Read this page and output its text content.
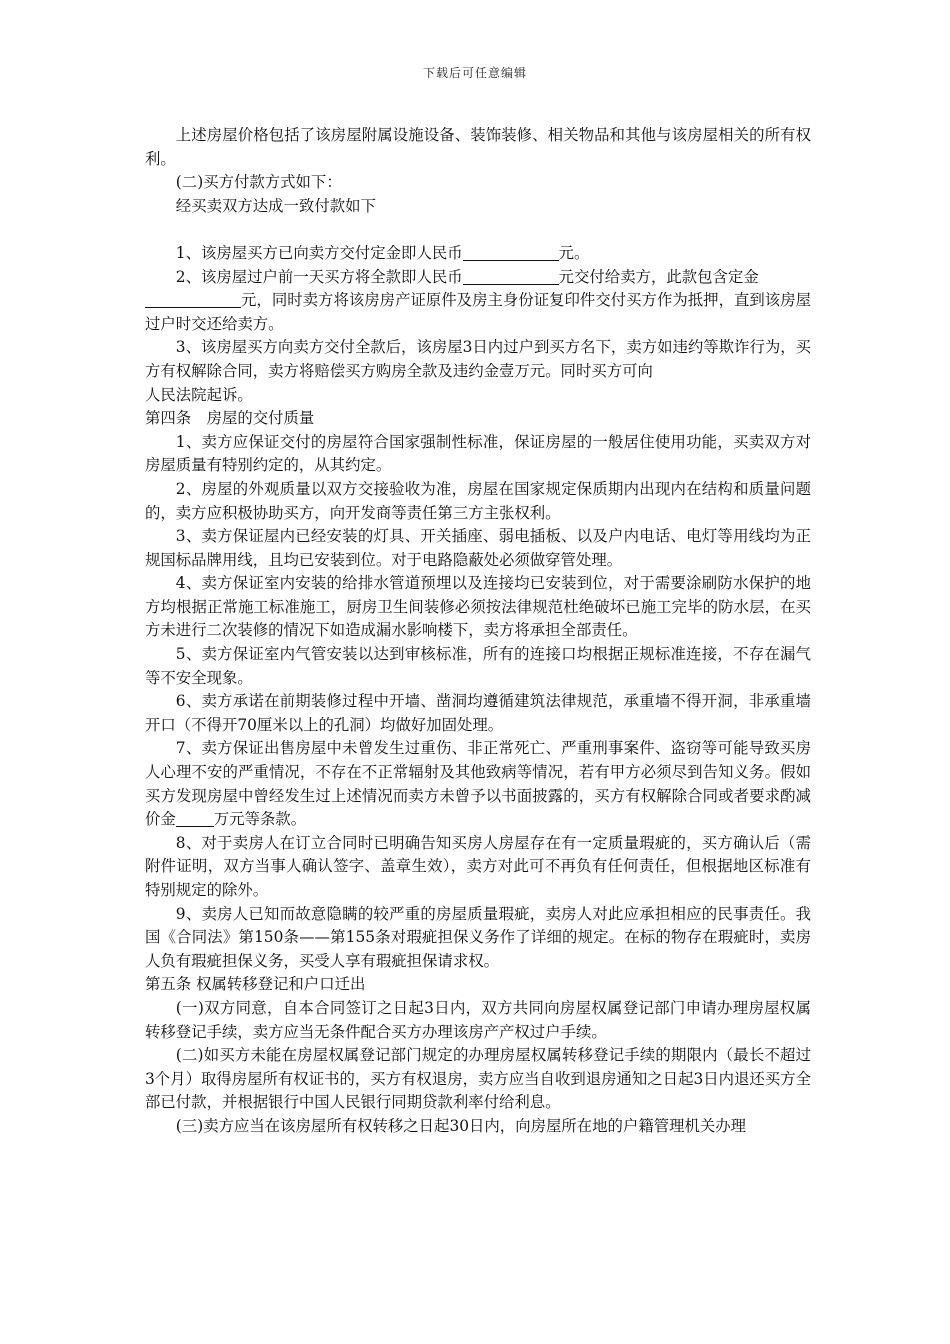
下载后可任意编辑

上述房屋价格包括了该房屋附属设施设备、装饰装修、相关物品和其他与该房屋相关的所有权利。

(二)买方付款方式如下：

经买卖双方达成一致付款如下

1、该房屋买方已向卖方交付定金即人民币	元。

2、该房屋过户前一天买方将全款即人民币	元交付给卖方，此款包含定金
元，同时卖方将该房房产证原件及房主身份证复印件交付买方作为抵押，直到该房屋过户时交还给卖方。

3、该房屋买方向卖方交付全款后，该房屋3日内过户到买方名下，卖方如违约等欺诈行为，买方有权解除合同，卖方将赔偿买方购房全款及违约金壹万元。同时买方可向
人民法院起诉。

第四条　房屋的交付质量

1、卖方应保证交付的房屋符合国家强制性标准，保证房屋的一般居住使用功能，买卖双方对房屋质量有特别约定的，从其约定。

2、房屋的外观质量以双方交接验收为准，房屋在国家规定保质期内出现内在结构和质量问题的，卖方应积极协助买方，向开发商等责任第三方主张权利。

3、卖方保证屋内已经安装的灯具、开关插座、弱电插板、以及户内电话、电灯等用线均为正规国标品牌用线，且均已安装到位。对于电路隐蔽处必须做穿管处理。

4、卖方保证室内安装的给排水管道预埋以及连接均已安装到位，对于需要涂刷防水保护的地方均根据正常施工标准施工，厨房卫生间装修必须按法律规范杜绝破坏已施工完毕的防水层，在买方未进行二次装修的情况下如造成漏水影响楼下，卖方将承担全部责任。

5、卖方保证室内气管安装以达到审核标准，所有的连接口均根据正规标准连接，不存在漏气等不安全现象。

6、卖方承诺在前期装修过程中开墙、凿洞均遵循建筑法律规范，承重墙不得开洞，非承重墙开口（不得开70厘米以上的孔洞）均做好加固处理。

7、卖方保证出售房屋中未曾发生过重伤、非正常死亡、严重刑事案件、盗窃等可能导致买房人心理不安的严重情况，不存在不正常辐射及其他致病等情况，若有甲方必须尽到告知义务。假如买方发现房屋中曾经发生过上述情况而卖方未曾予以书面披露的，买方有权解除合同或者要求酌减价金 万元等条款。

8、对于卖房人在订立合同时已明确告知买房人房屋存在有一定质量瑕疵的，买方确认后（需附件证明，双方当事人确认签字、盖章生效），卖方对此可不再负有任何责任，但根据地区标准有特别规定的除外。

9、卖房人已知而故意隐瞒的较严重的房屋质量瑕疵，卖房人对此应承担相应的民事责任。我国《合同法》第150条——第155条对瑕疵担保义务作了详细的规定。在标的物存在瑕疵时，卖房人负有瑕疵担保义务，买受人享有瑕疵担保请求权。

第五条 权属转移登记和户口迁出

(一)双方同意，自本合同签订之日起3日内，双方共同向房屋权属登记部门申请办理房屋权属转移登记手续，卖方应当无条件配合买方办理该房产产权过户手续。

(二)如买方未能在房屋权属登记部门规定的办理房屋权属转移登记手续的期限内（最长不超过3个月）取得房屋所有权证书的，买方有权退房，卖方应当自收到退房通知之日起3日内退还买方全部已付款，并根据银行中国人民银行同期贷款利率付给利息。

(三)卖方应当在该房屋所有权转移之日起30日内，向房屋所在地的户籍管理机关办理
